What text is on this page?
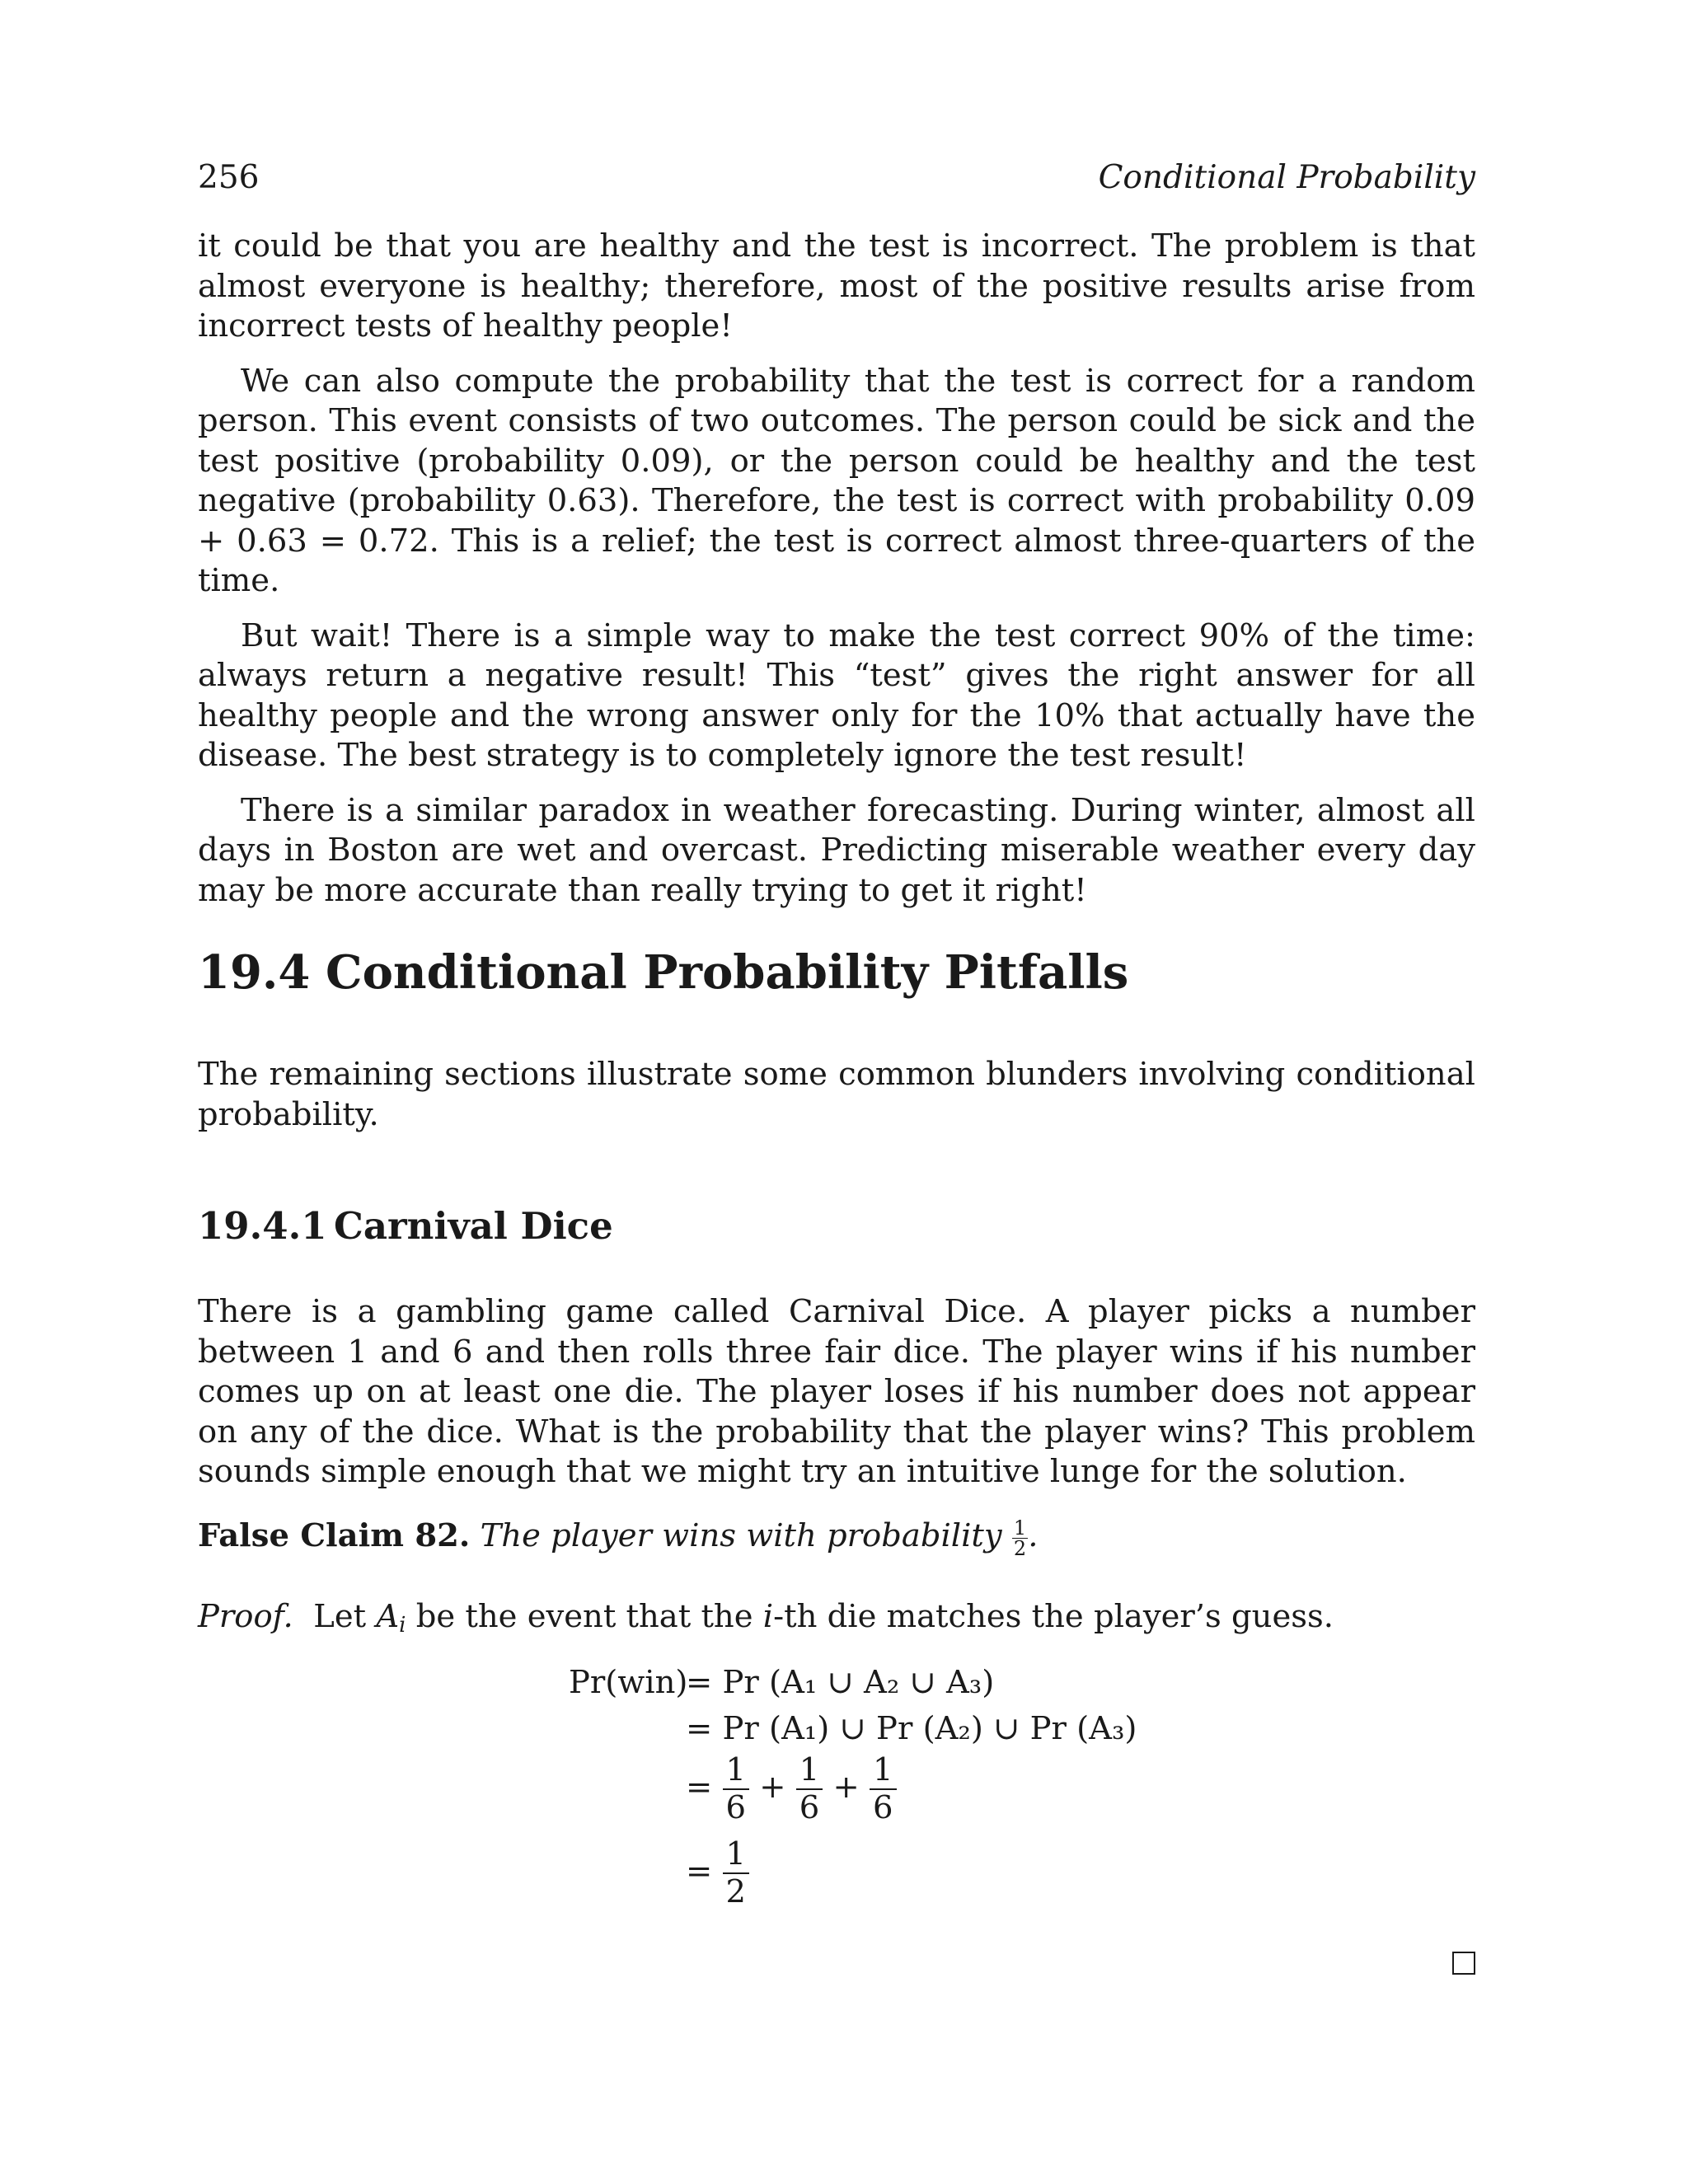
256	Conditional Probability

it could be that you are healthy and the test is incorrect. The problem is that almost everyone is healthy; therefore, most of the positive results arise from incorrect tests of healthy people!

We can also compute the probability that the test is correct for a random person. This event consists of two outcomes. The person could be sick and the test positive (probability 0.09), or the person could be healthy and the test negative (probability 0.63). Therefore, the test is correct with probability 0.09 + 0.63 = 0.72. This is a relief; the test is correct almost three-quarters of the time.

But wait! There is a simple way to make the test correct 90% of the time: always return a negative result! This “test” gives the right answer for all healthy people and the wrong answer only for the 10% that actually have the disease. The best strategy is to completely ignore the test result!

There is a similar paradox in weather forecasting. During winter, almost all days in Boston are wet and overcast. Predicting miserable weather every day may be more accurate than really trying to get it right!

19.4 Conditional Probability Pitfalls

The remaining sections illustrate some common blunders involving conditional probability.

19.4.1 Carnival Dice

There is a gambling game called Carnival Dice. A player picks a number between 1 and 6 and then rolls three fair dice. The player wins if his number comes up on at least one die. The player loses if his number does not appear on any of the dice. What is the probability that the player wins? This problem sounds simple enough that we might try an intuitive lunge for the solution.

False Claim 82. The player wins with probability $\frac{1}{2}$ .
Proof. Let $A_i$ be the event that the i-th die matches the player’s guess.
Pr(win)
= Pr (A₁ ∪ A₂ ∪ A₃)
= Pr (A₁) ∪ Pr (A₂) ∪ Pr (A₃)
= $\frac{1}{6} + \frac{1}{6} + \frac{1}{6}$
= $\frac{1}{2}$
